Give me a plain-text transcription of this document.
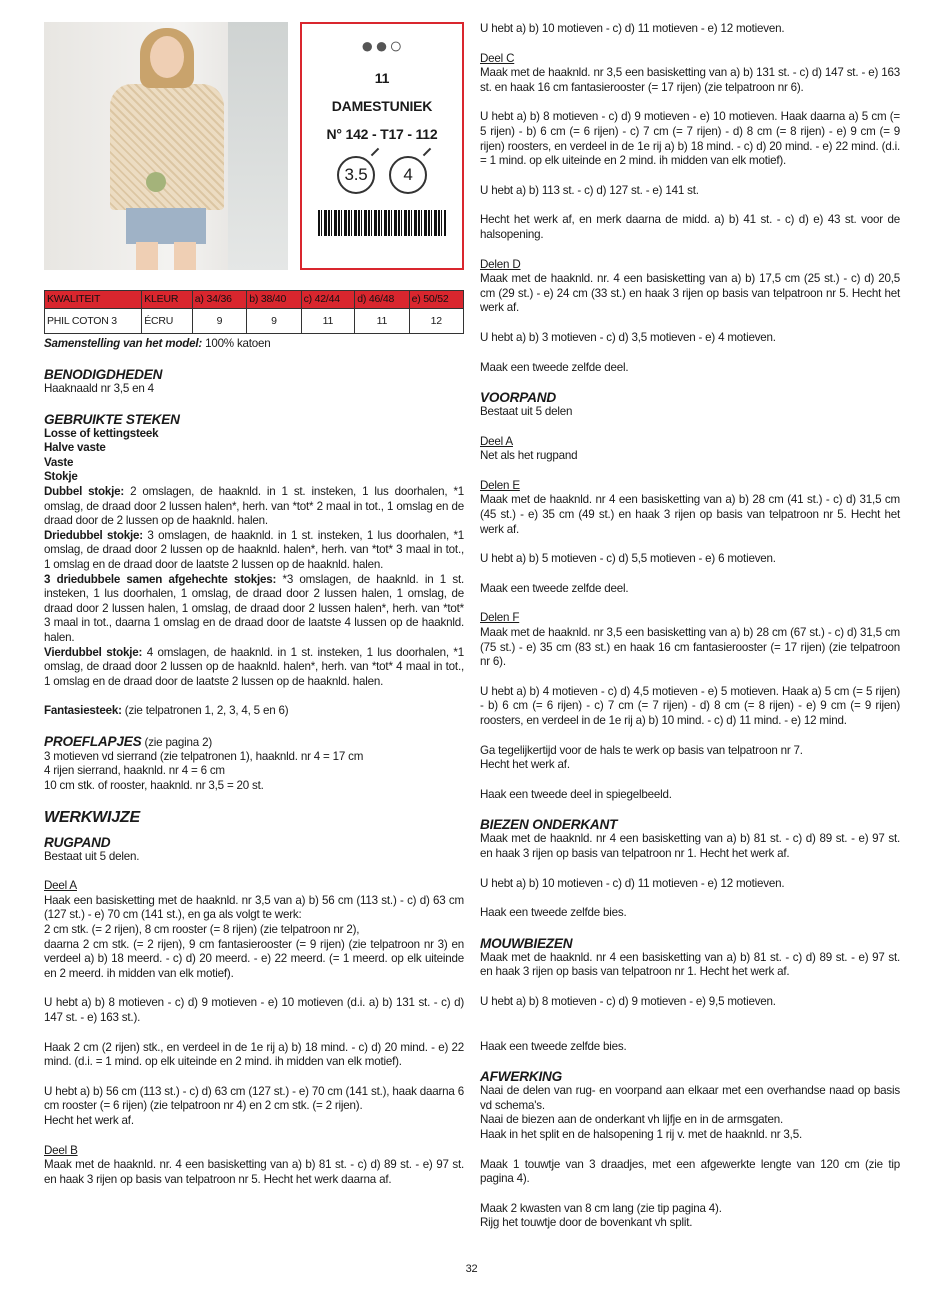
●●○
11
DAMESTUNIEK
N° 142 - T17 - 112
3.5	4
KWALITEIT	KLEUR	a) 34/36	b) 38/40	c) 42/44	d) 46/48	e) 50/52
PHIL COTON 3	ÉCRU	9	9	11	11	12
Samenstelling van het model: 100% katoen
BENODIGDHEDEN

Haaknaald nr 3,5 en 4

GEBRUIKTE STEKEN

Losse of kettingsteek

Halve vaste

Vaste

Stokje

Dubbel stokje: 2 omslagen, de haaknld. in 1 st. insteken, 1 lus doorhalen, *1 omslag, de draad door 2 lussen halen*, herh. van *tot* 2 maal in tot., 1 omslag en de draad door de 2 lussen op de haaknld. halen.

Driedubbel stokje: 3 omslagen, de haaknld. in 1 st. insteken, 1 lus doorhalen, *1 omslag, de draad door 2 lussen op de haaknld. halen*, herh. van *tot* 3 maal in tot., 1 omslag en de draad door de laatste 2 lussen op de haaknld. halen.

3 driedubbele samen afgehechte stokjes: *3 omslagen, de haaknld. in 1 st. insteken, 1 lus doorhalen, 1 omslag, de draad door 2 lussen halen, 1 omslag, de draad door 2 lussen halen, 1 omslag, de draad door 2 lussen halen*, herh. van *tot* 3 maal in tot., daarna 1 omslag en de draad door de laatste 4 lussen op de haaknld. halen.

Vierdubbel stokje: 4 omslagen, de haaknld. in 1 st. insteken, 1 lus doorhalen, *1 omslag, de draad door 2 lussen op de haaknld. halen*, herh. van *tot* 4 maal in tot., 1 omslag en de draad door de laatste 2 lussen op de haaknld. halen.

Fantasiesteek: (zie telpatronen 1, 2, 3, 4, 5 en 6)

PROEFLAPJES (zie pagina 2)

3 motieven vd sierrand (zie telpatronen 1), haaknld. nr 4 = 17 cm

4 rijen sierrand, haaknld. nr 4 = 6 cm

10 cm stk. of rooster, haaknld. nr 3,5 = 20 st.

WERKWIJZE
RUGPAND

Bestaat uit 5 delen.

Deel A

Haak een basisketting met de haaknld. nr 3,5 van a) b) 56 cm (113 st.) - c) d) 63 cm (127 st.) - e) 70 cm (141 st.), en ga als volgt te werk:

2 cm stk. (= 2 rijen), 8 cm rooster (= 8 rijen) (zie telpatroon nr 2),

daarna 2 cm stk. (= 2 rijen), 9 cm fantasierooster (= 9 rijen) (zie telpatroon nr 3) en verdeel a) b) 18 meerd. - c) d) 20 meerd. - e) 22 meerd. (= 1 meerd. op elk uiteinde en 2 meerd. ih midden van elk motief).

U hebt a) b) 8 motieven - c) d) 9 motieven - e) 10 motieven (d.i. a) b) 131 st. - c) d) 147 st. - e) 163 st.).

Haak 2 cm (2 rijen) stk., en verdeel in de 1e rij a) b) 18 mind. - c) d) 20 mind. - e) 22 mind. (d.i. = 1 mind. op elk uiteinde en 2 mind. ih midden van elk motief).

U hebt a) b) 56 cm (113 st.) - c) d) 63 cm (127 st.) - e) 70 cm (141 st.), haak daarna 6 cm rooster (= 6 rijen) (zie telpatroon nr 4) en 2 cm stk. (= 2 rijen).

Hecht het werk af.

Deel B

Maak met de haaknld. nr. 4 een basisketting van a) b) 81 st. - c) d) 89 st. - e) 97 st. en haak 3 rijen op basis van telpatroon nr 5. Hecht het werk daarna af.

U hebt a) b) 10 motieven - c) d) 11 motieven - e) 12 motieven.

Deel C

Maak met de haaknld. nr 3,5 een basisketting van a) b) 131 st. - c) d) 147 st. - e) 163 st. en haak 16 cm fantasierooster (= 17 rijen) (zie telpatroon nr 6).

U hebt a) b) 8 motieven - c) d) 9 motieven - e) 10 motieven. Haak daarna a) 5 cm (= 5 rijen) - b) 6 cm (= 6 rijen) - c) 7 cm (= 7 rijen) - d) 8 cm (= 8 rijen) - e) 9 cm (= 9 rijen) roosters, en verdeel in de 1e rij a) b) 18 mind. - c) d) 20 mind. - e) 22 mind. (d.i. = 1 mind. op elk uiteinde en 2 mind. ih midden van elk motief).

U hebt a) b) 113 st. - c) d) 127 st. - e) 141 st.

Hecht het werk af, en merk daarna de midd. a) b) 41 st. - c) d) e) 43 st. voor de halsopening.

Delen D

Maak met de haaknld. nr. 4 een basisketting van a) b) 17,5 cm (25 st.) - c) d) 20,5 cm (29 st.) - e) 24 cm (33 st.) en haak 3 rijen op basis van telpatroon nr 5. Hecht het werk af.

U hebt a) b) 3 motieven - c) d) 3,5 motieven - e) 4 motieven.

Maak een tweede zelfde deel.

VOORPAND

Bestaat uit 5 delen

Deel A

Net als het rugpand

Delen E

Maak met de haaknld. nr 4 een basisketting van a) b) 28 cm (41 st.) - c) d) 31,5 cm (45 st.) - e) 35 cm (49 st.) en haak 3 rijen op basis van telpatroon nr 5. Hecht het werk af.

U hebt a) b) 5 motieven - c) d) 5,5 motieven - e) 6 motieven.

Maak een tweede zelfde deel.

Delen F

Maak met de haaknld. nr 3,5 een basisketting van a) b) 28 cm (67 st.) - c) d) 31,5 cm (75 st.) - e) 35 cm (83 st.) en haak 16 cm fantasierooster (= 17 rijen) (zie telpatroon nr 6).

U hebt a) b) 4 motieven - c) d) 4,5 motieven - e) 5 motieven. Haak a) 5 cm (= 5 rijen) - b) 6 cm (= 6 rijen) - c) 7 cm (= 7 rijen) - d) 8 cm (= 8 rijen) - e) 9 cm (= 9 rijen) roosters, en verdeel in de 1e rij a) b) 10 mind. - c) d) 11 mind. - e) 12 mind.

Ga tegelijkertijd voor de hals te werk op basis van telpatroon nr 7.

Hecht het werk af.

Haak een tweede deel in spiegelbeeld.

BIEZEN ONDERKANT

Maak met de haaknld. nr 4 een basisketting van a) b) 81 st. - c) d) 89 st. - e) 97 st. en haak 3 rijen op basis van telpatroon nr 1. Hecht het werk af.

U hebt a) b) 10 motieven - c) d) 11 motieven - e) 12 motieven.

Haak een tweede zelfde bies.

MOUWBIEZEN

Maak met de haaknld. nr 4 een basisketting van a) b) 81 st. - c) d) 89 st. - e) 97 st. en haak 3 rijen op basis van telpatroon nr 1. Hecht het werk af.

U hebt a) b) 8 motieven - c) d) 9 motieven - e) 9,5 motieven.

Haak een tweede zelfde bies.

AFWERKING

Naai de delen van rug- en voorpand aan elkaar met een overhandse naad op basis vd schema's.

Naai de biezen aan de onderkant vh lijfje en in de armsgaten.

Haak in het split en de halsopening 1 rij v. met de haaknld. nr 3,5.

Maak 1 touwtje van 3 draadjes, met een afgewerkte lengte van 120 cm (zie tip pagina 4).

Maak 2 kwasten van 8 cm lang (zie tip pagina 4).

Rijg het touwtje door de bovenkant vh split.

32
